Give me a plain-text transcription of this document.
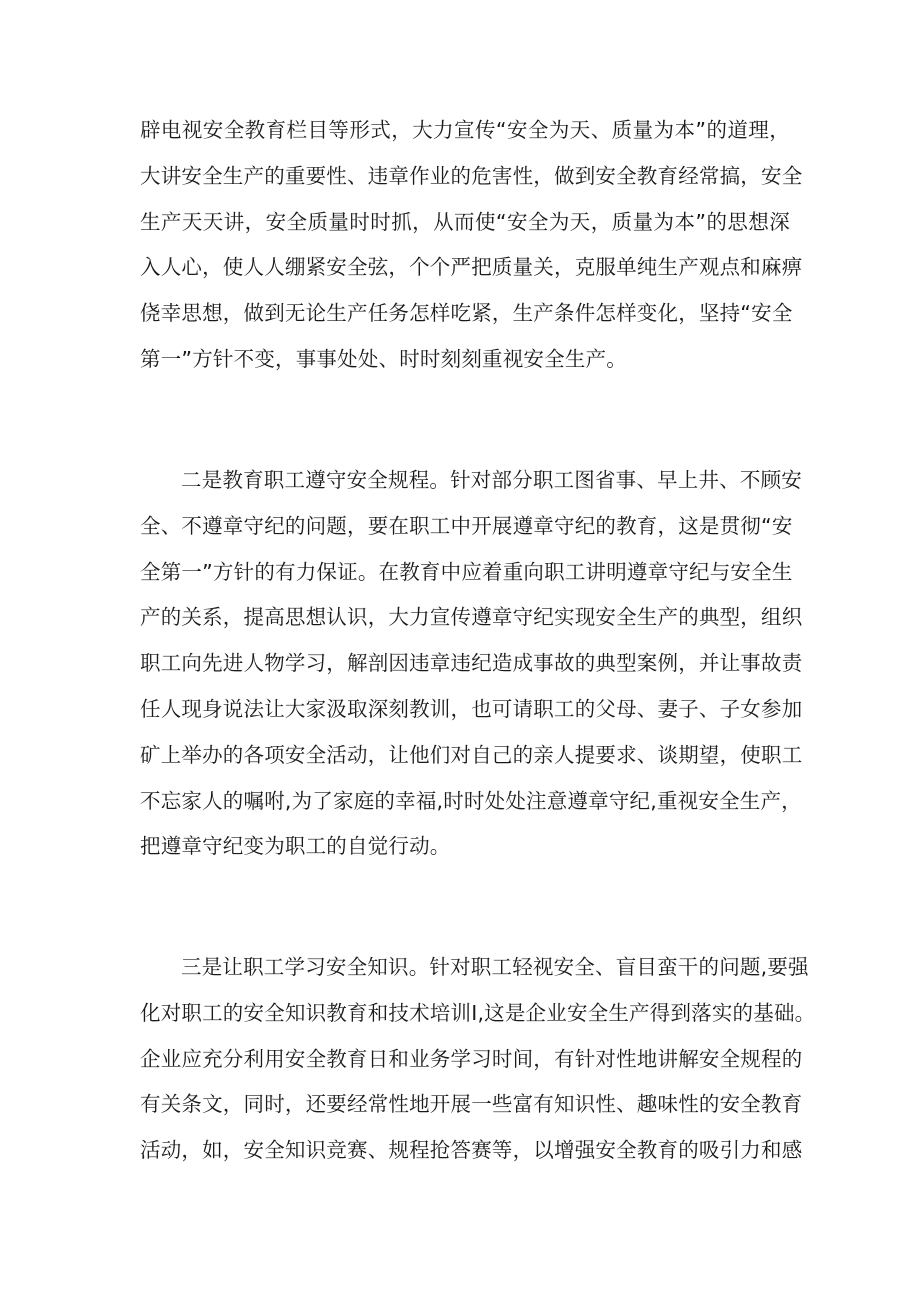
辟电视安全教育栏目等形式，大力宣传“安全为天、质量为本”的道理，
大讲安全生产的重要性、违章作业的危害性，做到安全教育经常搞，安全
生产天天讲，安全质量时时抓，从而使“安全为天，质量为本”的思想深
入人心，使人人绷紧安全弦，个个严把质量关，克服单纯生产观点和麻痹
侥幸思想，做到无论生产任务怎样吃紧，生产条件怎样变化，坚持“安全
第一”方针不变，事事处处、时时刻刻重视安全生产。
二是教育职工遵守安全规程。针对部分职工图省事、早上井、不顾安
全、不遵章守纪的问题，要在职工中开展遵章守纪的教育，这是贯彻“安
全第一”方针的有力保证。在教育中应着重向职工讲明遵章守纪与安全生
产的关系，提高思想认识，大力宣传遵章守纪实现安全生产的典型，组织
职工向先进人物学习，解剖因违章违纪造成事故的典型案例，并让事故责
任人现身说法让大家汲取深刻教训，也可请职工的父母、妻子、子女参加
矿上举办的各项安全活动，让他们对自己的亲人提要求、谈期望，使职工
不忘家人的嘱咐,为了家庭的幸福,时时处处注意遵章守纪,重视安全生产，
把遵章守纪变为职工的自觉行动。
三是让职工学习安全知识。针对职工轻视安全、盲目蛮干的问题,要强
化对职工的安全知识教育和技术培训Ⅰ,这是企业安全生产得到落实的基础。
企业应充分利用安全教育日和业务学习时间，有针对性地讲解安全规程的
有关条文，同时，还要经常性地开展一些富有知识性、趣味性的安全教育
活动，如，安全知识竞赛、规程抢答赛等，以增强安全教育的吸引力和感
